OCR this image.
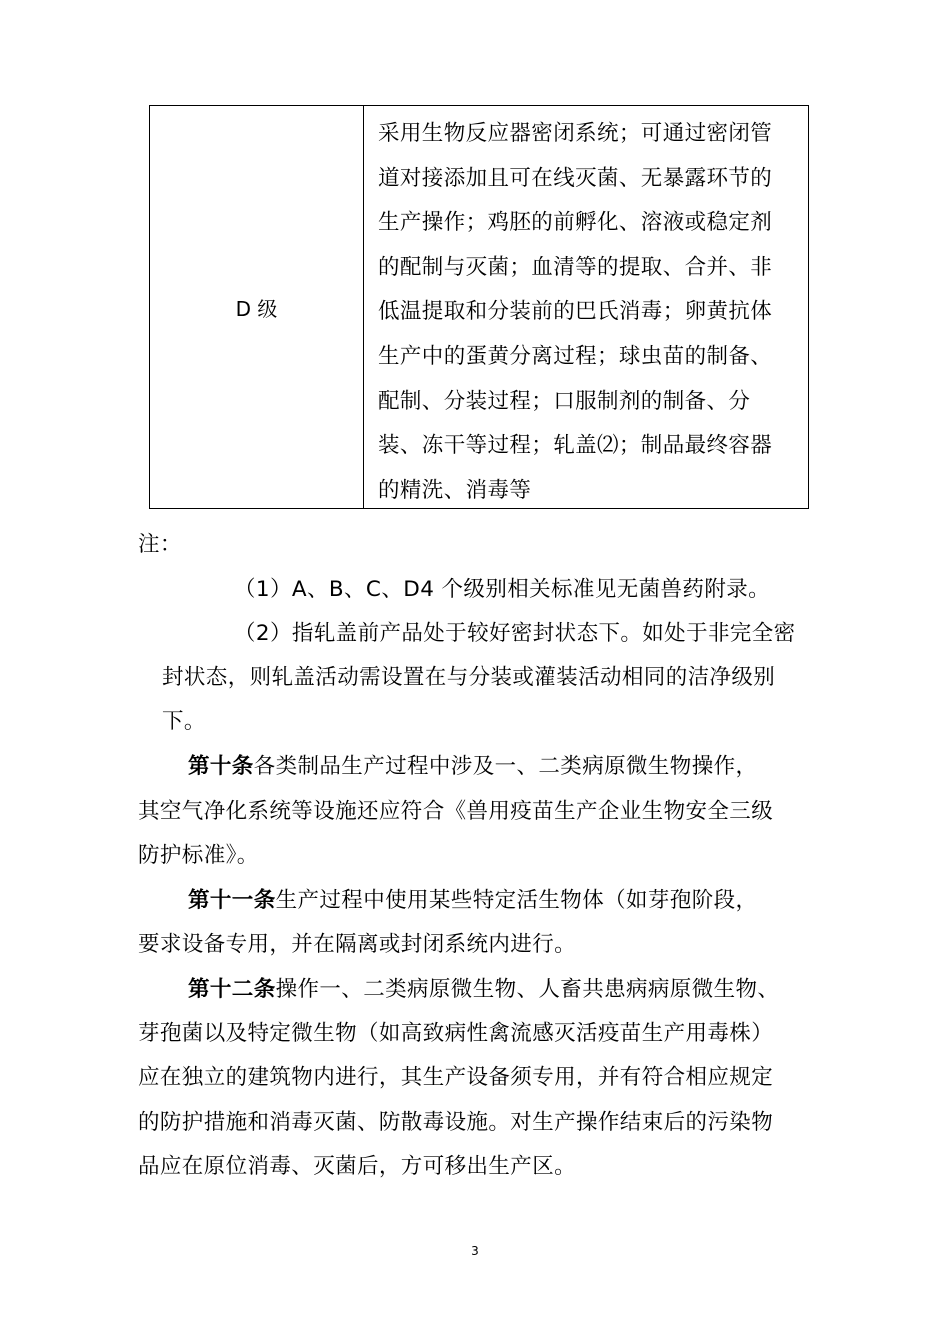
D 级
采用生物反应器密闭系统；可通过密闭管
道对接添加且可在线灭菌、无暴露环节的
生产操作；鸡胚的前孵化、溶液或稳定剂
的配制与灭菌；血清等的提取、合并、非
低温提取和分装前的巴氏消毒；卵黄抗体
生产中的蛋黄分离过程；球虫苗的制备、
配制、分装过程；口服制剂的制备、分
装、冻干等过程；轧盖⑵；制品最终容器
的精洗、消毒等
注：
（1）A、B、C、D4 个级别相关标准见无菌兽药附录。
（2）指轧盖前产品处于较好密封状态下。如处于非完全密
封状态，则轧盖活动需设置在与分装或灌装活动相同的洁净级别
下。
第十条各类制品生产过程中涉及一、二类病原微生物操作，
其空气净化系统等设施还应符合《兽用疫苗生产企业生物安全三级
防护标准》。
第十一条生产过程中使用某些特定活生物体（如芽孢阶段，
要求设备专用，并在隔离或封闭系统内进行。
第十二条操作一、二类病原微生物、人畜共患病病原微生物、
芽孢菌以及特定微生物（如高致病性禽流感灭活疫苗生产用毒株）
应在独立的建筑物内进行，其生产设备须专用，并有符合相应规定
的防护措施和消毒灭菌、防散毒设施。对生产操作结束后的污染物
品应在原位消毒、灭菌后，方可移出生产区。
3
